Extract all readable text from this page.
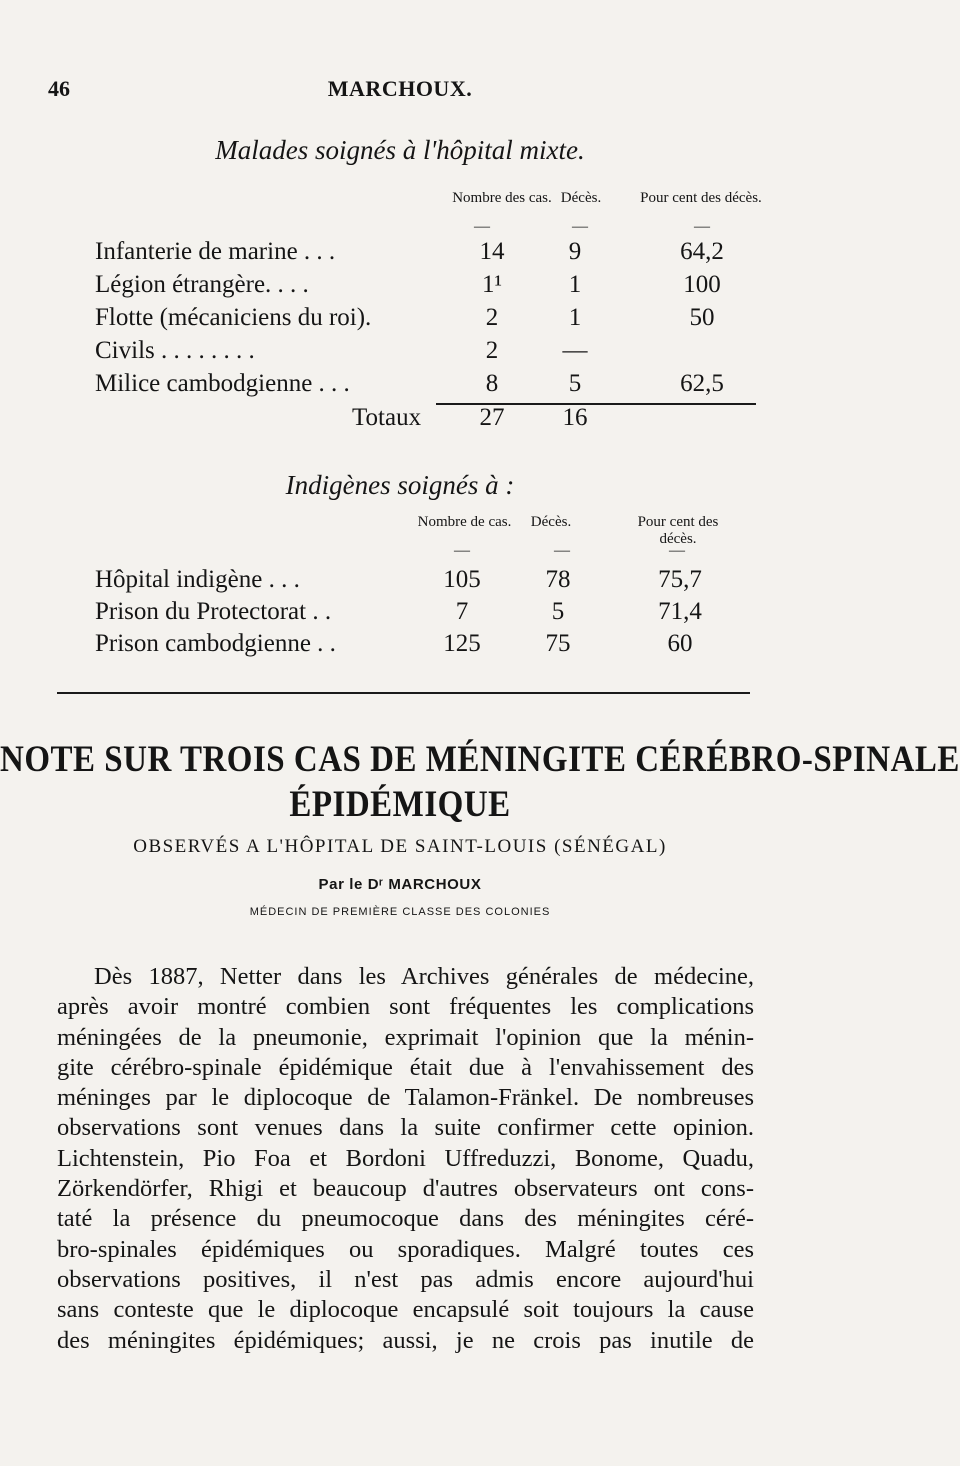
46	MARCHOUX.
Malades soignés à l'hôpital mixte.
Nombre des cas. Décès.	Pour cent des décès.
—	—	—
Infanterie de marine . . .	14	9	64,2
Légion étrangère. . . .	1¹	1	100
Flotte (mécaniciens du roi).	2	1	50
Civils . . . . . . . .	2	—
Milice cambodgienne . . .	8	5	62,5
Totaux	27	16
Indigènes soignés à :
Nombre de cas.	Décès.	Pour cent des décès.
—	—	—
Hôpital indigène . . .	105	78	75,7
Prison du Protectorat . .	7	5	71,4
Prison cambodgienne . .	125	75	60
NOTE SUR TROIS CAS DE MÉNINGITE CÉRÉBRO-SPINALE
ÉPIDÉMIQUE
OBSERVÉS A L'HÔPITAL DE SAINT-LOUIS (SÉNÉGAL)
Par le Dʳ MARCHOUX
MÉDECIN DE PREMIÈRE CLASSE DES COLONIES
Dès 1887, Netter dans les Archives générales de médecine,
après avoir montré combien sont fréquentes les complications
méningées de la pneumonie, exprimait l'opinion que la ménin-
gite cérébro-spinale épidémique était due à l'envahissement des
méninges par le diplocoque de Talamon-Fränkel. De nombreuses
observations sont venues dans la suite confirmer cette opinion.
Lichtenstein, Pio Foa et Bordoni Uffreduzzi, Bonome, Quadu,
Zörkendörfer, Rhigi et beaucoup d'autres observateurs ont cons-
taté la présence du pneumocoque dans des méningites céré-
bro-spinales épidémiques ou sporadiques. Malgré toutes ces
observations positives, il n'est pas admis encore aujourd'hui
sans conteste que le diplocoque encapsulé soit toujours la cause
des méningites épidémiques; aussi, je ne crois pas inutile de
